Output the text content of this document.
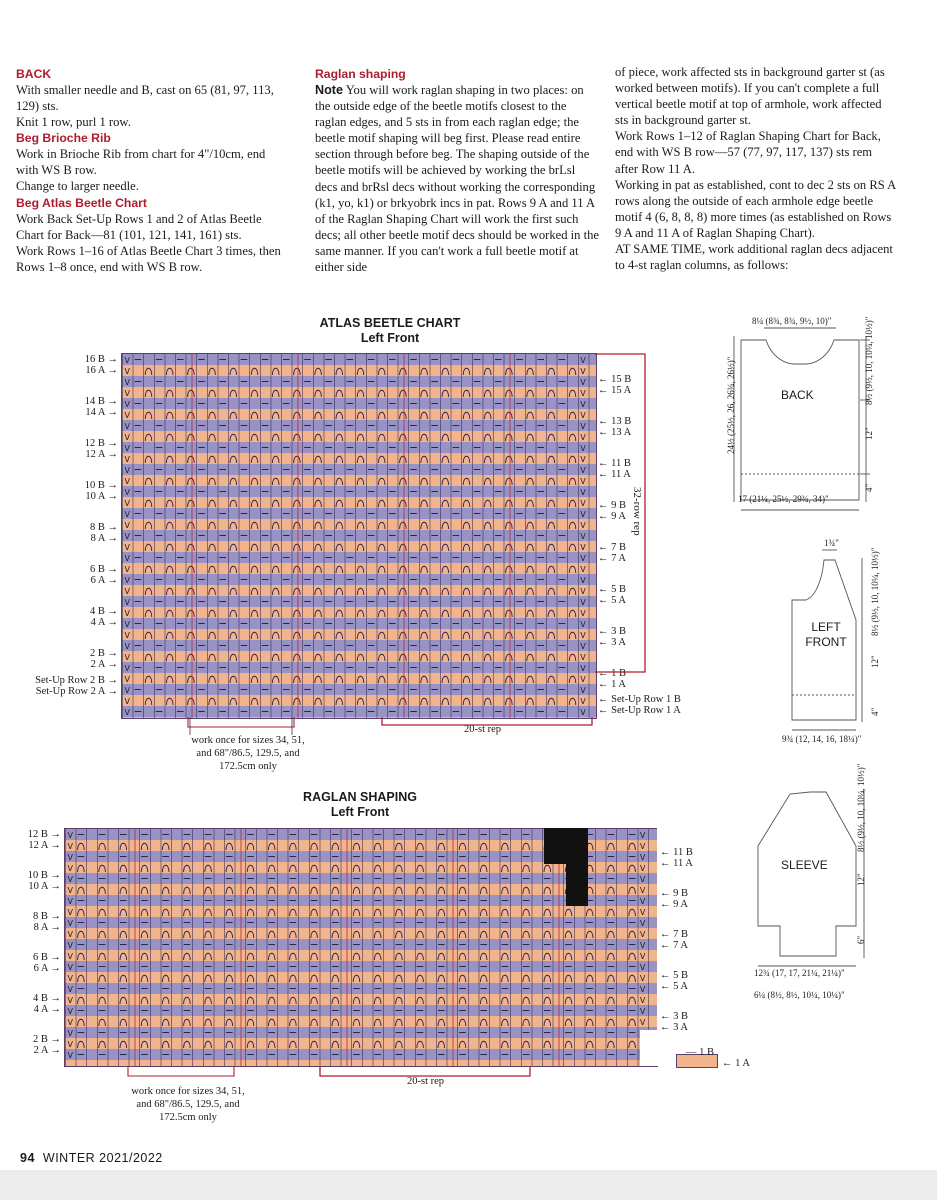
BACK

With smaller needle and B, cast on 65 (81, 97, 113, 129) sts.

Knit 1 row, purl 1 row.

Beg Brioche Rib

Work in Brioche Rib from chart for 4"/10cm, end with WS B row.

Change to larger needle.

Beg Atlas Beetle Chart

Work Back Set-Up Rows 1 and 2 of Atlas Beetle Chart for Back—81 (101, 121, 141, 161) sts.

Work Rows 1–16 of Atlas Beetle Chart 3 times, then Rows 1–8 once, end with WS B row.

Raglan shaping

Note You will work raglan shaping in two places: on the outside edge of the beetle motifs closest to the raglan edges, and 5 sts in from each raglan edge; the beetle motif shaping will beg first. Please read entire section through before beg. The shaping outside of the beetle motifs will be achieved by working the brLsl decs and brRsl decs without working the corresponding (k1, yo, k1) or brkyobrk incs in pat. Rows 9 A and 11 A of the Raglan Shaping Chart will work the first such decs; all other beetle motif decs should be worked in the same manner. If you can't work a full beetle motif at either side

of piece, work affected sts in background garter st (as worked between motifs). If you can't complete a full vertical beetle motif at top of armhole, work affected sts in background garter st.

Work Rows 1–12 of Raglan Shaping Chart for Back, end with WS B row—57 (77, 97, 117, 137) sts rem after Row 11 A.

Working in pat as established, cont to dec 2 sts on RS A rows along the outside of each armhole edge beetle motif 4 (6, 8, 8, 8) more times (as established on Rows 9 A and 11 A of Raglan Shaping Chart).

AT SAME TIME, work additional raglan decs adjacent to 4-st raglan columns, as follows:

ATLAS BEETLE CHART
Left Front
V	V
V	V
V	V
V	V
V	V
V	V
V	V
V	V
V	V
V	V
V	V
V	V
V	V
V	V
V	V
V	V
V	V
V	V
V	V
V	V
V	V
V	V
V	V
V	V
V	V
V	V
V	V
V	V
V	V
V	V
V	V
V	V
V	V
16 B →
16 A →
14 B →
14 A →
12 B →
12 A →
10 B →
10 A →
8 B →
8 A →
6 B →
6 A →
4 B →
4 A →
2 B →
2 A →
Set-Up Row 2 B →
Set-Up Row 2 A →
← 15 B
← 15 A
← 13 B
← 13 A
← 11 B
← 11 A
← 9 B
← 9 A
← 7 B
← 7 A
← 5 B
← 5 A
← 3 B
← 3 A
← 1 B
← 1 A
← Set-Up Row 1 B
← Set-Up Row 1 A
32-row rep
20-st rep
work once for sizes 34, 51, and 68"/86.5, 129.5, and 172.5cm only
RAGLAN SHAPING
Left Front
V	V
V	V
V	V
V	V
V	V
V	V
V	V
V	V
V	V
V	V
V	V
V	V
V	V
V	V
V	V
V	V
V	V
V	V
V
V
V
12 B →
12 A →
10 B →
10 A →
8 B →
8 A →
6 B →
6 A →
4 B →
4 A →
2 B →
2 A →
← 11 B
← 11 A
← 9 B
← 9 A
← 7 B
← 7 A
← 5 B
← 5 A
← 3 B
← 3 A
— 1 B
← 1 A
20-st rep
work once for sizes 34, 51, and 68"/86.5, 129.5, and 172.5cm only
BACK
8¼ (8¾, 8¾, 9½, 10)"
17 (21¼, 25½, 29¾, 34)"
24½ (25½, 26, 26¾, 26½)"	8½ (9½, 10, 10¼, 10½)"
12"
4"
1¾"
LEFT
FRONT
8½ (9½, 10, 10¼, 10½)"
12"
4"
9¾ (12, 14, 16, 18¼)"
SLEEVE
8½ (9½, 10, 10¼, 10½)"
12"
6"
12¾ (17, 17, 21¼, 21¼)"
6¼ (8½, 8½, 10¼, 10¼)"
94 WINTER 2021/2022
